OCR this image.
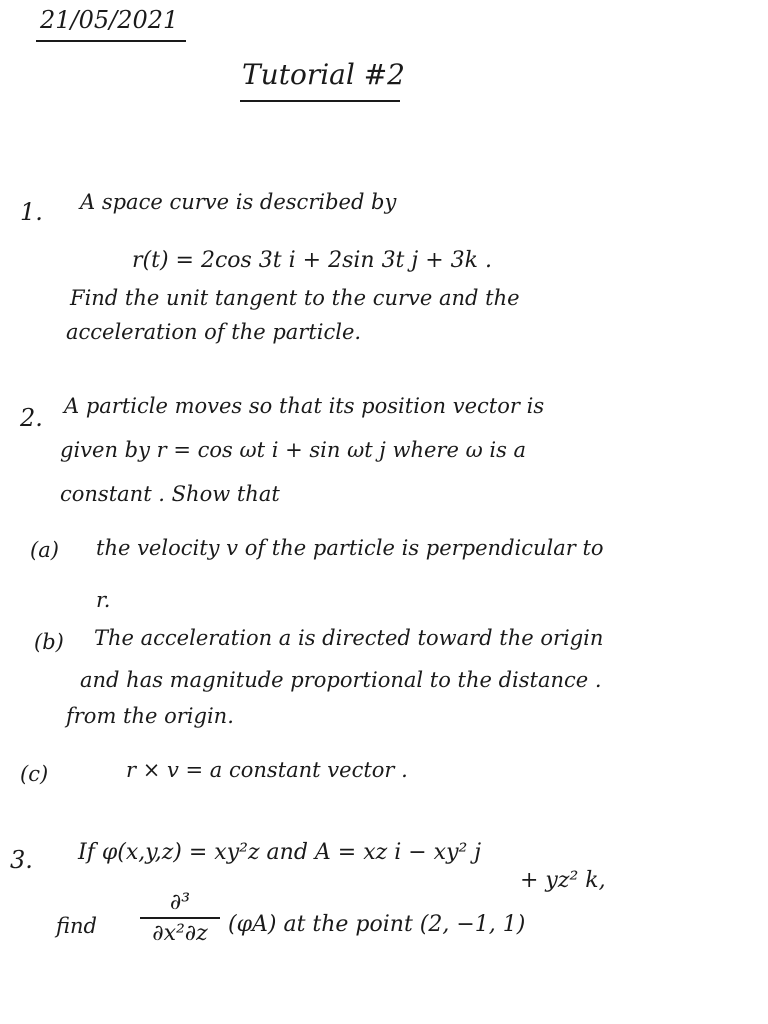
21/05/2021
Tutorial #2
1. A space curve is described by
r(t) = 2cos 3t i + 2sin 3t j + 3k .
Find the unit tangent to the curve and the
acceleration of the particle.
2. A particle moves so that its position vector is
given by r = cos ωt i + sin ωt j where ω is a
constant . Show that
(a) the velocity v of the particle is perpendicular to
r.
(b) The acceleration a is directed toward the origin
and has magnitude proportional to the distance .
from the origin.
(c)	r × v = a constant vector .
3. If φ(x,y,z) = xy²z and A = xz i − xy² j
+ yz² k,
find
∂³
∂x²∂z (φA) at the point (2, −1, 1)
